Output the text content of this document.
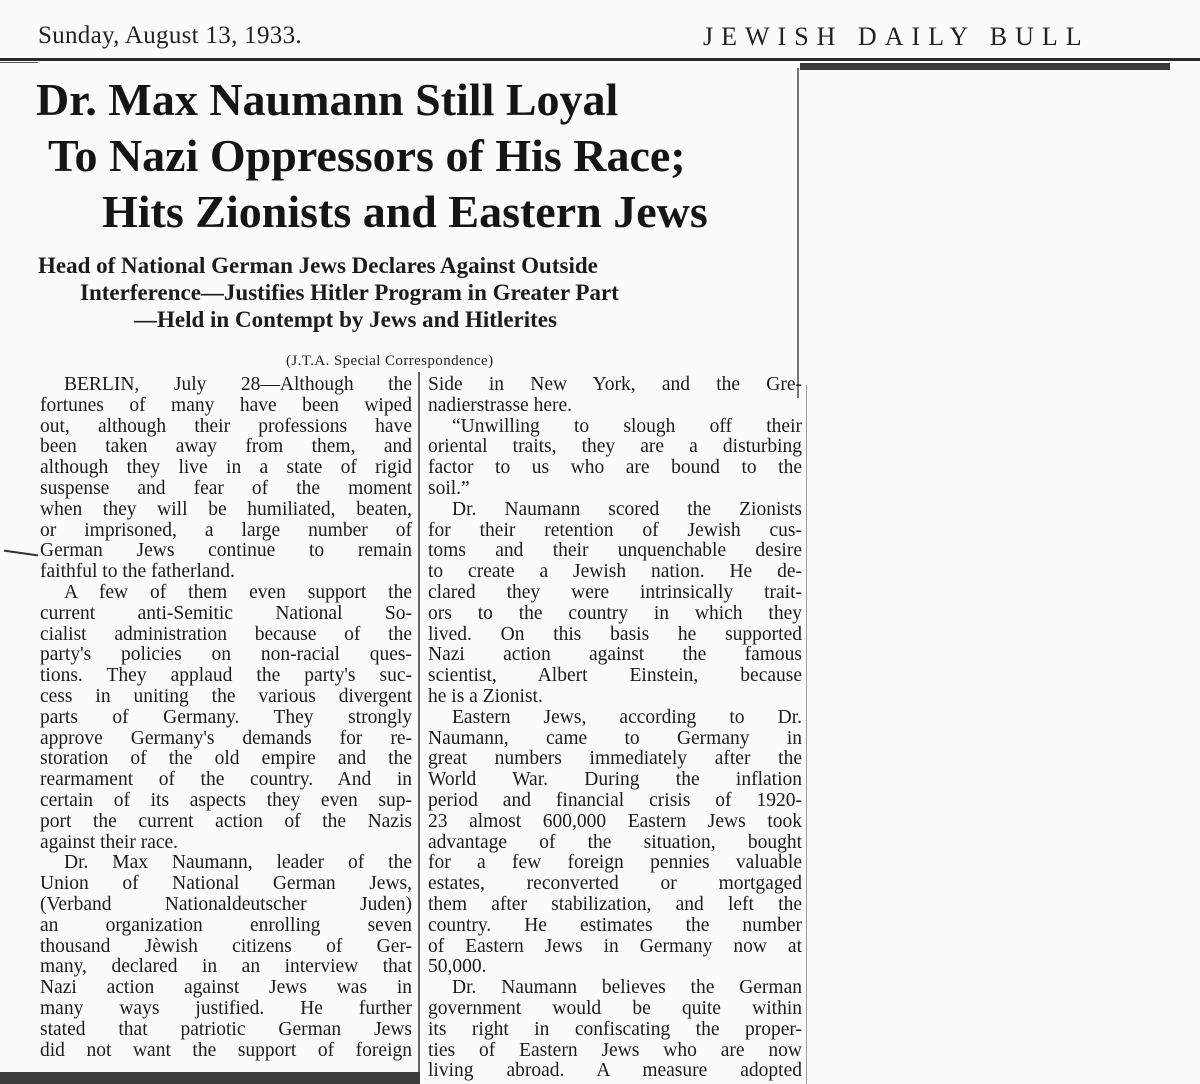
Sunday, August 13, 1933.	JEWISH DAILY BULL
Dr. Max Naumann Still Loyal
To Nazi Oppressors of His Race;
Hits Zionists and Eastern Jews
Head of National German Jews Declares Against Outside
Interference—Justifies Hitler Program in Greater Part
—Held in Contempt by Jews and Hitlerites
(J.T.A. Special Correspondence)
BERLIN, July 28—Although the
fortunes of many have been wiped
out, although their professions have
been taken away from them, and
although they live in a state of rigid
suspense and fear of the moment
when they will be humiliated, beaten,
or imprisoned, a large number of
German Jews continue to remain
faithful to the fatherland.
A few of them even support the
current anti-Semitic National So-
cialist administration because of the
party's policies on non-racial ques-
tions. They applaud the party's suc-
cess in uniting the various divergent
parts of Germany. They strongly
approve Germany's demands for re-
storation of the old empire and the
rearmament of the country. And in
certain of its aspects they even sup-
port the current action of the Nazis
against their race.
Dr. Max Naumann, leader of the
Union of National German Jews,
(Verband Nationaldeutscher Juden)
an organization enrolling seven
thousand Jèwish citizens of Ger-
many, declared in an interview that
Nazi action against Jews was in
many ways justified. He further
stated that patriotic German Jews
did not want the support of foreign
Side in New York, and the Gre-
nadierstrasse here.
“Unwilling to slough off their
oriental traits, they are a disturbing
factor to us who are bound to the
soil.”
Dr. Naumann scored the Zionists
for their retention of Jewish cus-
toms and their unquenchable desire
to create a Jewish nation. He de-
clared they were intrinsically trait-
ors to the country in which they
lived. On this basis he supported
Nazi action against the famous
scientist, Albert Einstein, because
he is a Zionist.
Eastern Jews, according to Dr.
Naumann, came to Germany in
great numbers immediately after the
World War. During the inflation
period and financial crisis of 1920-
23 almost 600,000 Eastern Jews took
advantage of the situation, bought
for a few foreign pennies valuable
estates, reconverted or mortgaged
them after stabilization, and left the
country. He estimates the number
of Eastern Jews in Germany now at
50,000.
Dr. Naumann believes the German
government would be quite within
its right in confiscating the proper-
ties of Eastern Jews who are now
living abroad. A measure adopted
